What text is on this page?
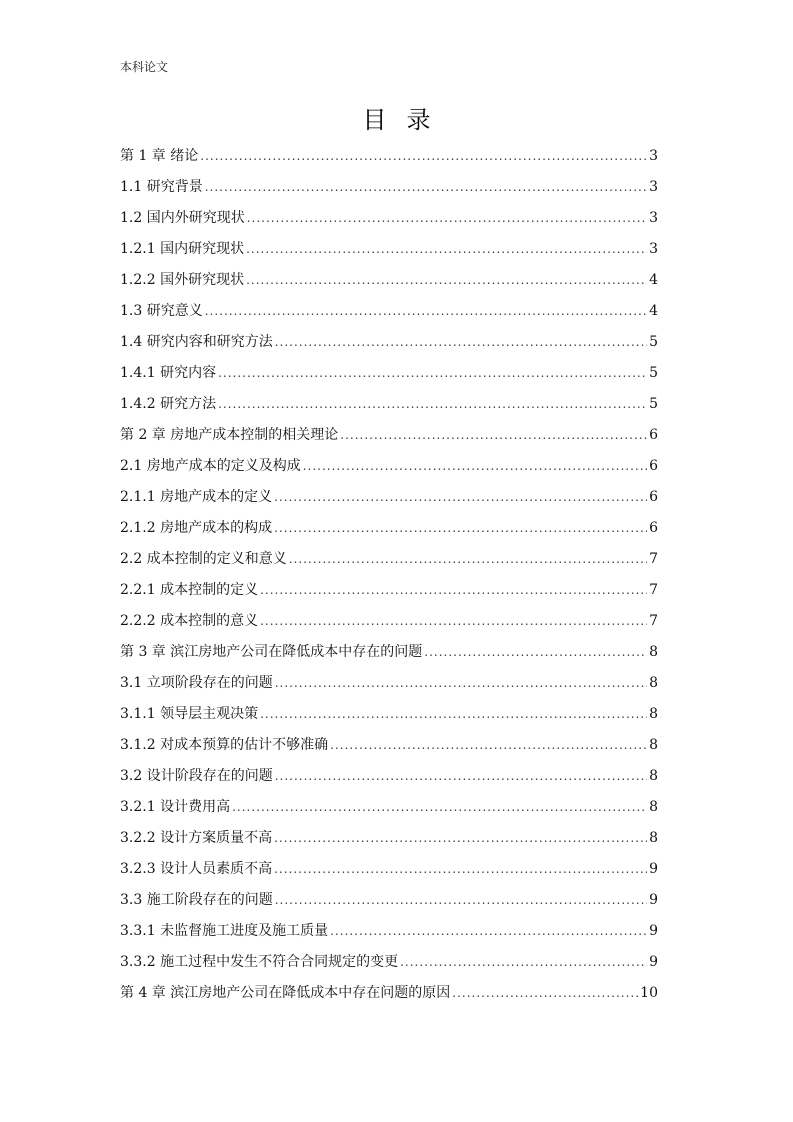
本科论文
目录
第 1 章 绪论 .....	3
1.1 研究背景 .....	3
1.2 国内外研究现状 .....	3
1.2.1 国内研究现状 .....	3
1.2.2 国外研究现状 .....	4
1.3 研究意义 .....	4
1.4 研究内容和研究方法 .....	5
1.4.1 研究内容 .....	5
1.4.2 研究方法 .....	5
第 2 章 房地产成本控制的相关理论 .....	6
2.1 房地产成本的定义及构成 .....	6
2.1.1 房地产成本的定义 .....	6
2.1.2 房地产成本的构成 .....	6
2.2 成本控制的定义和意义 .....	7
2.2.1 成本控制的定义 .....	7
2.2.2 成本控制的意义 .....	7
第 3 章 滨江房地产公司在降低成本中存在的问题 .....	8
3.1 立项阶段存在的问题 .....	8
3.1.1 领导层主观决策 .....	8
3.1.2 对成本预算的估计不够准确 .....	8
3.2 设计阶段存在的问题 .....	8
3.2.1 设计费用高 .....	8
3.2.2 设计方案质量不高 .....	8
3.2.3 设计人员素质不高 .....	9
3.3 施工阶段存在的问题 .....	9
3.3.1 未监督施工进度及施工质量 .....	9
3.3.2 施工过程中发生不符合合同规定的变更 .....	9
第 4 章 滨江房地产公司在降低成本中存在问题的原因 .....	10
